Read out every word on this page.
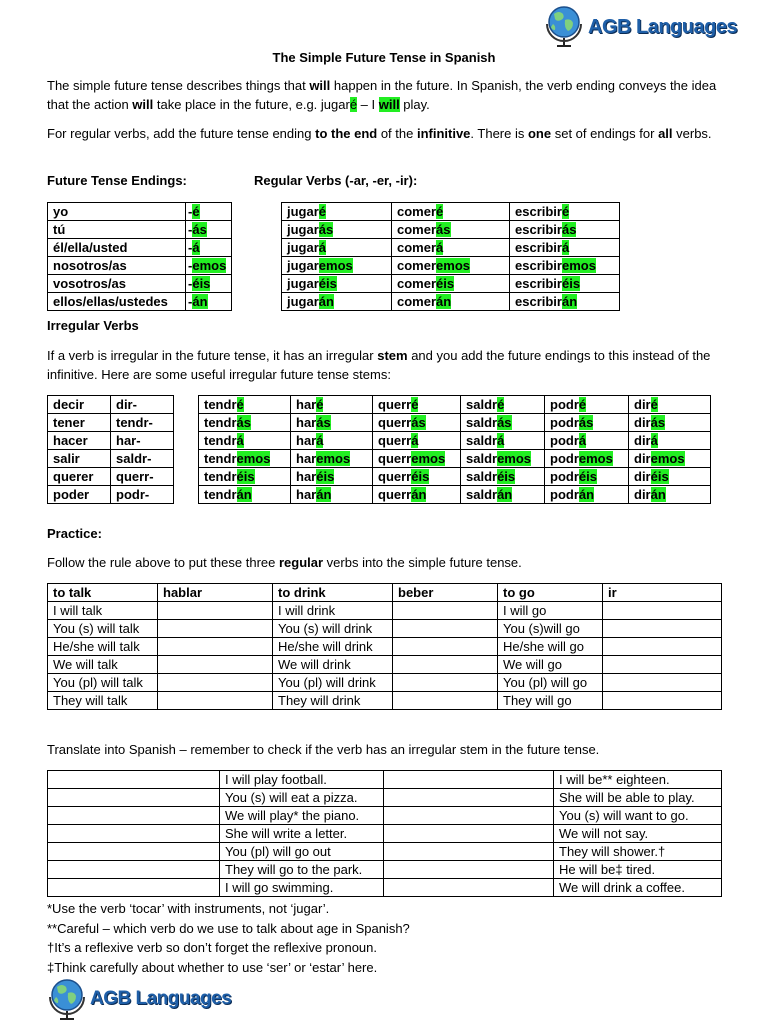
AGB Languages
The Simple Future Tense in Spanish

The simple future tense describes things that will happen in the future. In Spanish, the verb ending conveys the idea that the action will take place in the future, e.g. jugaré – I will play.

For regular verbs, add the future tense ending to the end of the infinitive. There is one set of endings for all verbs.

Future Tense Endings:	Regular Verbs (-ar, -er, -ir):
yo	-é
tú	-ás
él/ella/usted	-á
nosotros/as	-emos
vosotros/as	-éis
ellos/ellas/ustedes	-án
jugaré	comeré	escribiré
jugarás	comerás	escribirás
jugará	comerá	escribirá
jugaremos	comeremos	escribiremos
jugaréis	comeréis	escribiréis
jugarán	comerán	escribirán
Irregular Verbs

If a verb is irregular in the future tense, it has an irregular stem and you add the future endings to this instead of the infinitive. Here are some useful irregular future tense stems:

decir	dir-
tener	tendr-
hacer	har-
salir	saldr-
querer	querr-
poder	podr-
tendré	haré	querré	saldré	podré	diré
tendrás	harás	querrás	saldrás	podrás	dirás
tendrá	hará	querrá	saldrá	podrá	dirá
tendremos	haremos	querremos	saldremos	podremos	diremos
tendréis	haréis	querréis	saldréis	podréis	diréis
tendrán	harán	querrán	saldrán	podrán	dirán
Practice:

Follow the rule above to put these three regular verbs into the simple future tense.

to talk	hablar	to drink	beber	to go	ir
I will talk		I will drink		I will go	
You (s) will talk		You (s) will drink		You (s)will go	
He/she will talk		He/she will drink		He/she will go	
We will talk		We will drink		We will go	
You (pl) will talk		You (pl) will drink		You (pl) will go	
They will talk		They will drink		They will go	

Translate into Spanish – remember to check if the verb has an irregular stem in the future tense.

	I will play football.		I will be** eighteen.
	You (s) will eat a pizza.		She will be able to play.
	We will play* the piano.		You (s) will want to go.
	She will write a letter.		We will not say.
	You (pl) will go out		They will shower.†
	They will go to the park.		He will be‡ tired.
	I will go swimming.		We will drink a coffee.

*Use the verb ‘tocar’ with instruments, not ‘jugar’.

**Careful – which verb do we use to talk about age in Spanish?

†It’s a reflexive verb so don’t forget the reflexive pronoun.

‡Think carefully about whether to use ‘ser’ or ‘estar’ here.

AGB Languages
